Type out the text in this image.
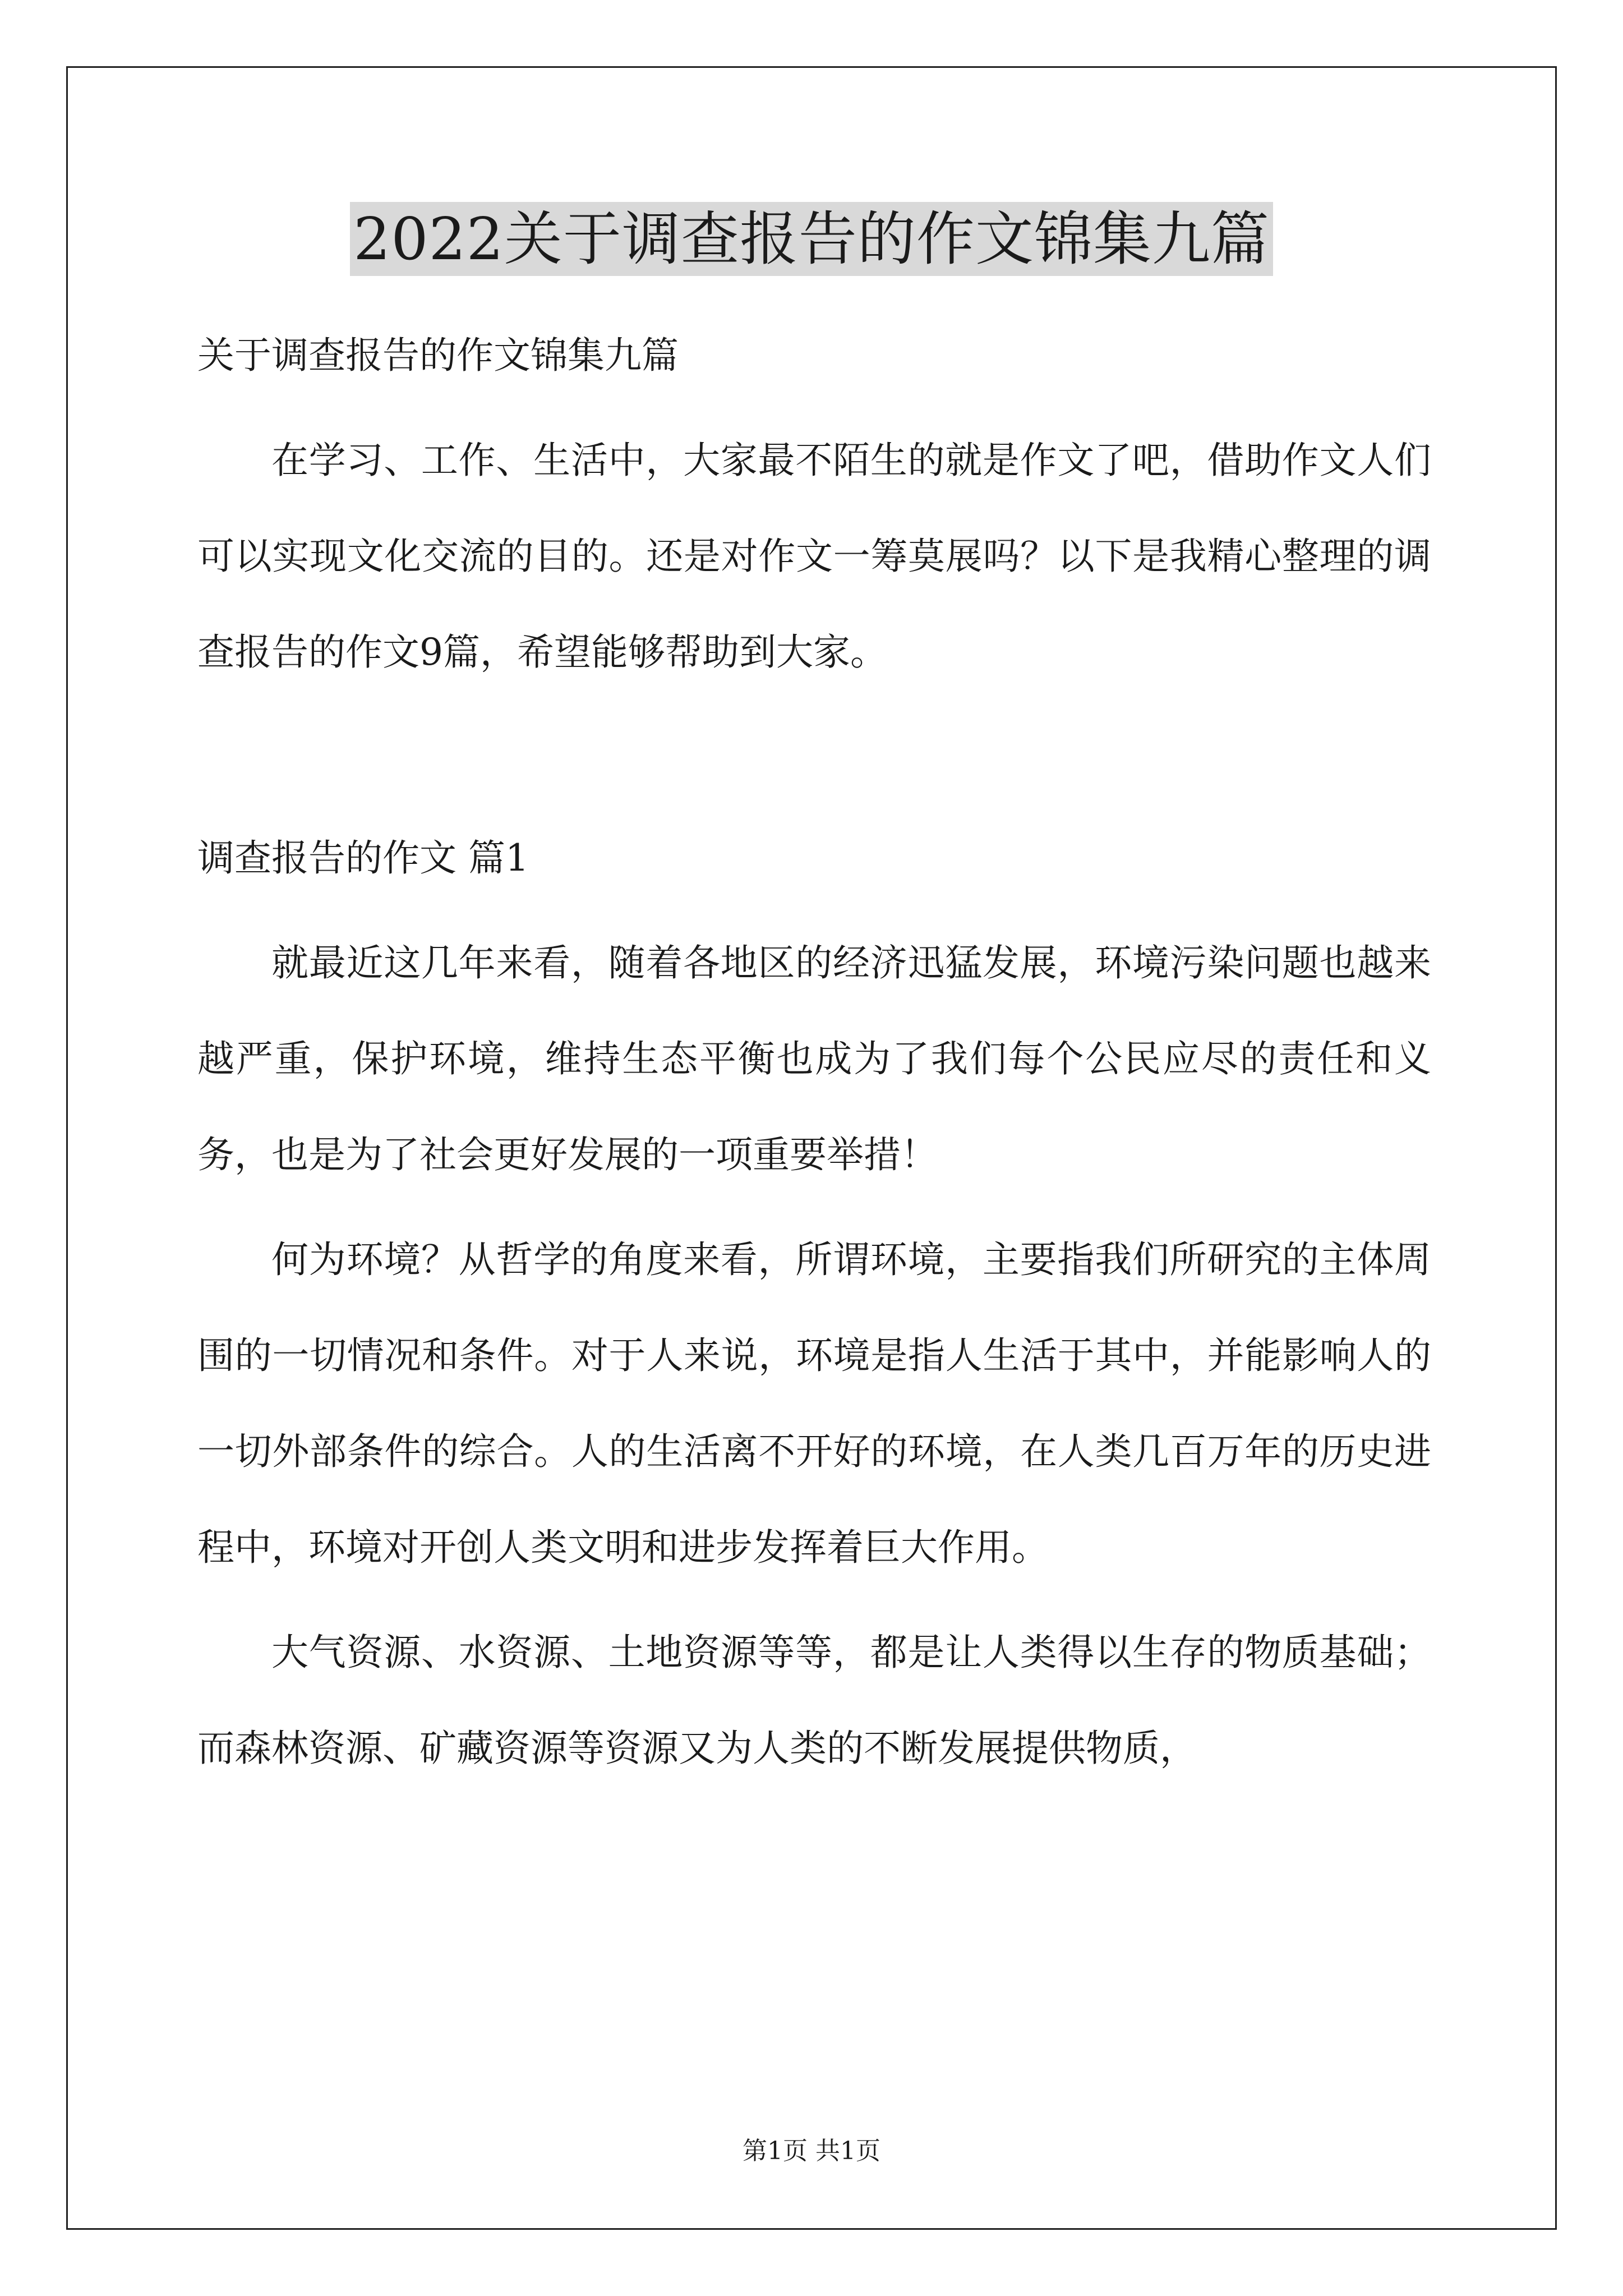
2022关于调查报告的作文锦集九篇

关于调查报告的作文锦集九篇

在学习、工作、生活中，大家最不陌生的就是作文了吧，借助作文人们可以实现文化交流的目的。还是对作文一筹莫展吗？以下是我精心整理的调查报告的作文9篇，希望能够帮助到大家。

调查报告的作文 篇1

就最近这几年来看，随着各地区的经济迅猛发展，环境污染问题也越来越严重，保护环境，维持生态平衡也成为了我们每个公民应尽的责任和义务，也是为了社会更好发展的一项重要举措！

何为环境？从哲学的角度来看，所谓环境，主要指我们所研究的主体周围的一切情况和条件。对于人来说，环境是指人生活于其中，并能影响人的一切外部条件的综合。人的生活离不开好的环境，在人类几百万年的历史进程中，环境对开创人类文明和进步发挥着巨大作用。

大气资源、水资源、土地资源等等，都是让人类得以生存的物质基础；而森林资源、矿藏资源等资源又为人类的不断发展提供物质，

第1页 共1页
